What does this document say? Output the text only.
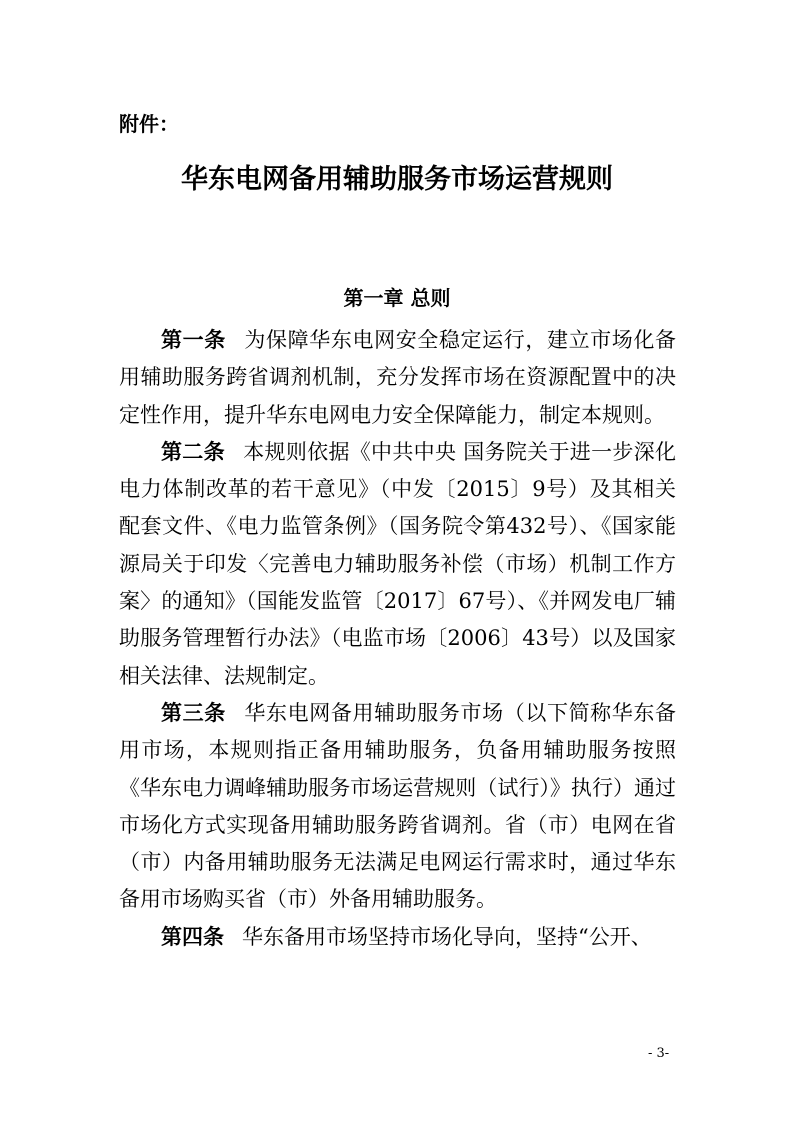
附件：

华东电网备用辅助服务市场运营规则
第一章 总则

第一条 为保障华东电网安全稳定运行，建立市场化备用辅助服务跨省调剂机制，充分发挥市场在资源配置中的决定性作用，提升华东电网电力安全保障能力，制定本规则。

第二条 本规则依据《中共中央 国务院关于进一步深化电力体制改革的若干意见》（中发〔2015〕9号）及其相关配套文件、《电力监管条例》（国务院令第432号）、《国家能源局关于印发〈完善电力辅助服务补偿（市场）机制工作方案〉的通知》（国能发监管〔2017〕67号）、《并网发电厂辅助服务管理暂行办法》（电监市场〔2006〕43号）以及国家相关法律、法规制定。

第三条 华东电网备用辅助服务市场（以下简称华东备用市场，本规则指正备用辅助服务，负备用辅助服务按照《华东电力调峰辅助服务市场运营规则（试行）》执行）通过市场化方式实现备用辅助服务跨省调剂。省（市）电网在省（市）内备用辅助服务无法满足电网运行需求时，通过华东备用市场购买省（市）外备用辅助服务。

第四条 华东备用市场坚持市场化导向，坚持“公开、

- 3-
